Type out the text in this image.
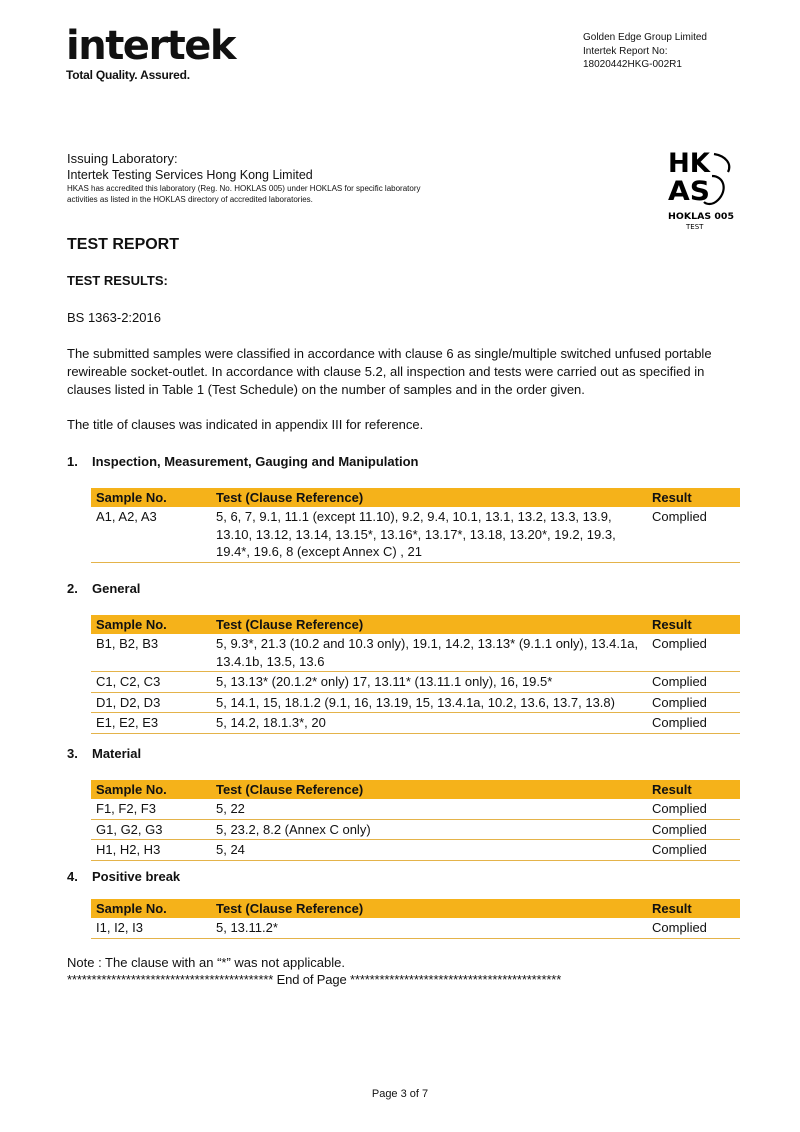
intertek
Total Quality. Assured.
Golden Edge Group Limited
Intertek Report No:
18020442HKG-002R1
Issuing Laboratory:
Intertek Testing Services Hong Kong Limited
HKAS has accredited this laboratory (Reg. No. HOKLAS 005) under HOKLAS for specific laboratory activities as listed in the HOKLAS directory of accredited laboratories.
HK
AS
HOKLAS 005
TEST
TEST REPORT
TEST RESULTS:
BS 1363-2:2016
The submitted samples were classified in accordance with clause 6 as single/multiple switched unfused portable rewireable socket-outlet. In accordance with clause 5.2, all inspection and tests were carried out as specified in clauses listed in Table 1 (Test Schedule) on the number of samples and in the order given.
The title of clauses was indicated in appendix III for reference.
1. Inspection, Measurement, Gauging and Manipulation
Sample No.	Test (Clause Reference)	Result
A1, A2, A3	5, 6, 7, 9.1, 11.1 (except 11.10), 9.2, 9.4, 10.1, 13.1, 13.2, 13.3, 13.9, 13.10, 13.12, 13.14, 13.15*, 13.16*, 13.17*, 13.18, 13.20*, 19.2, 19.3, 19.4*, 19.6, 8 (except Annex C) , 21	Complied
2. General
Sample No.	Test (Clause Reference)	Result
B1, B2, B3	5, 9.3*, 21.3 (10.2 and 10.3 only), 19.1, 14.2, 13.13* (9.1.1 only), 13.4.1a, 13.4.1b, 13.5, 13.6	Complied
C1, C2, C3	5, 13.13* (20.1.2* only) 17, 13.11* (13.11.1 only), 16, 19.5*	Complied
D1, D2, D3	5, 14.1, 15, 18.1.2 (9.1, 16, 13.19, 15, 13.4.1a, 10.2, 13.6, 13.7, 13.8)	Complied
E1, E2, E3	5, 14.2, 18.1.3*, 20	Complied
3. Material
Sample No.	Test (Clause Reference)	Result
F1, F2, F3	5, 22	Complied
G1, G2, G3	5, 23.2, 8.2 (Annex C only)	Complied
H1, H2, H3	5, 24	Complied
4. Positive break
Sample No.	Test (Clause Reference)	Result
I1, I2, I3	5, 13.11.2*	Complied
Note : The clause with an “*” was not applicable.
****************************************** End of Page *******************************************
Page 3 of 7
